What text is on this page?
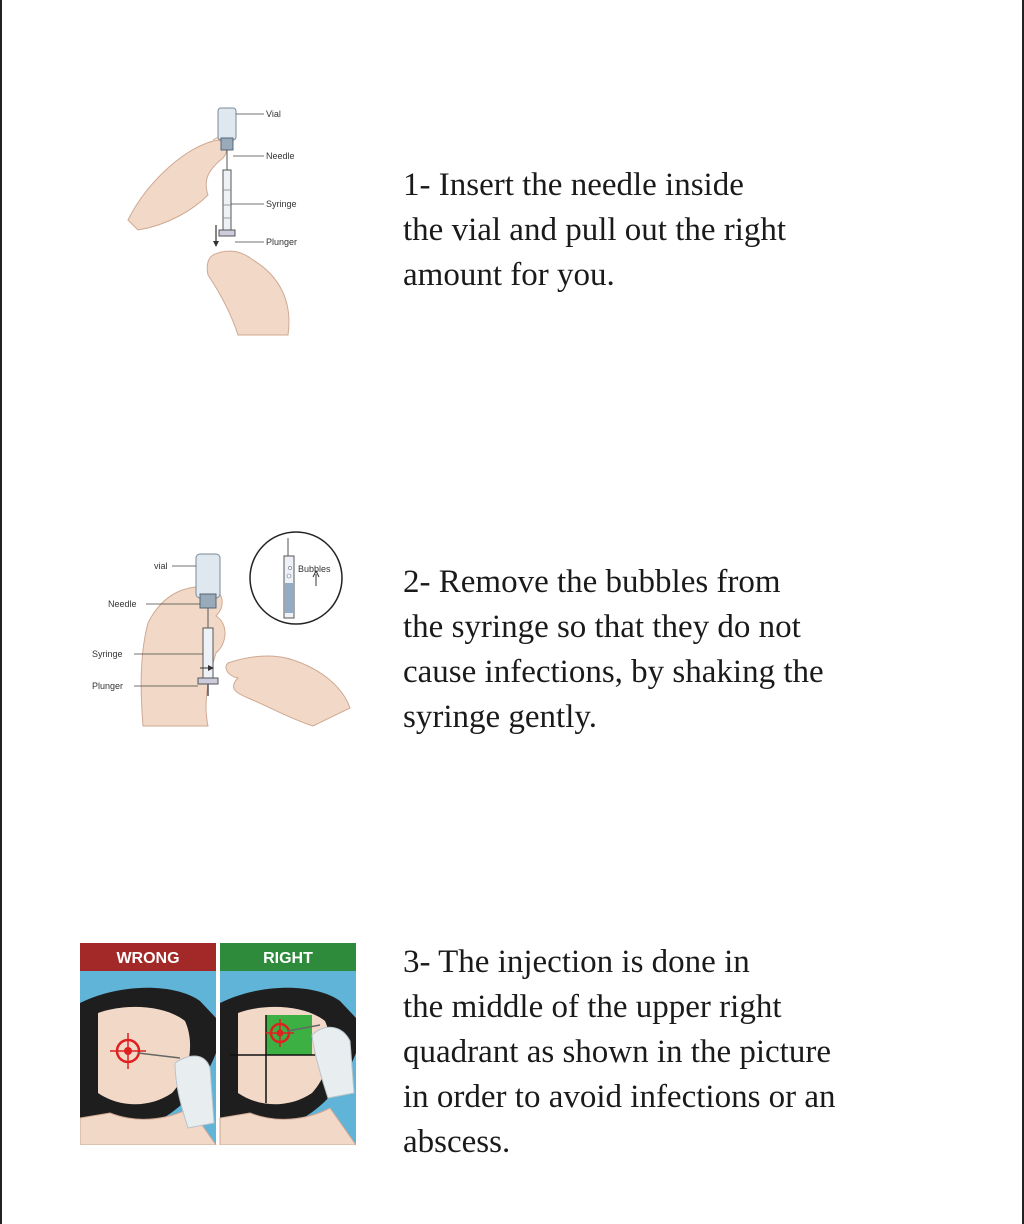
Vial
Needle
Syringe
Plunger

1- Insert the needle inside
the vial and pull out the right
amount for you.

Bubbles
vial
Needle
Syringe
Plunger

2- Remove the bubbles from
the syringe so that they do not
cause infections, by shaking the
syringe gently.

WRONG	RIGHT	3- The injection is done in
the middle of the upper right
quadrant as shown in the picture
in order to avoid infections or an
abscess.
